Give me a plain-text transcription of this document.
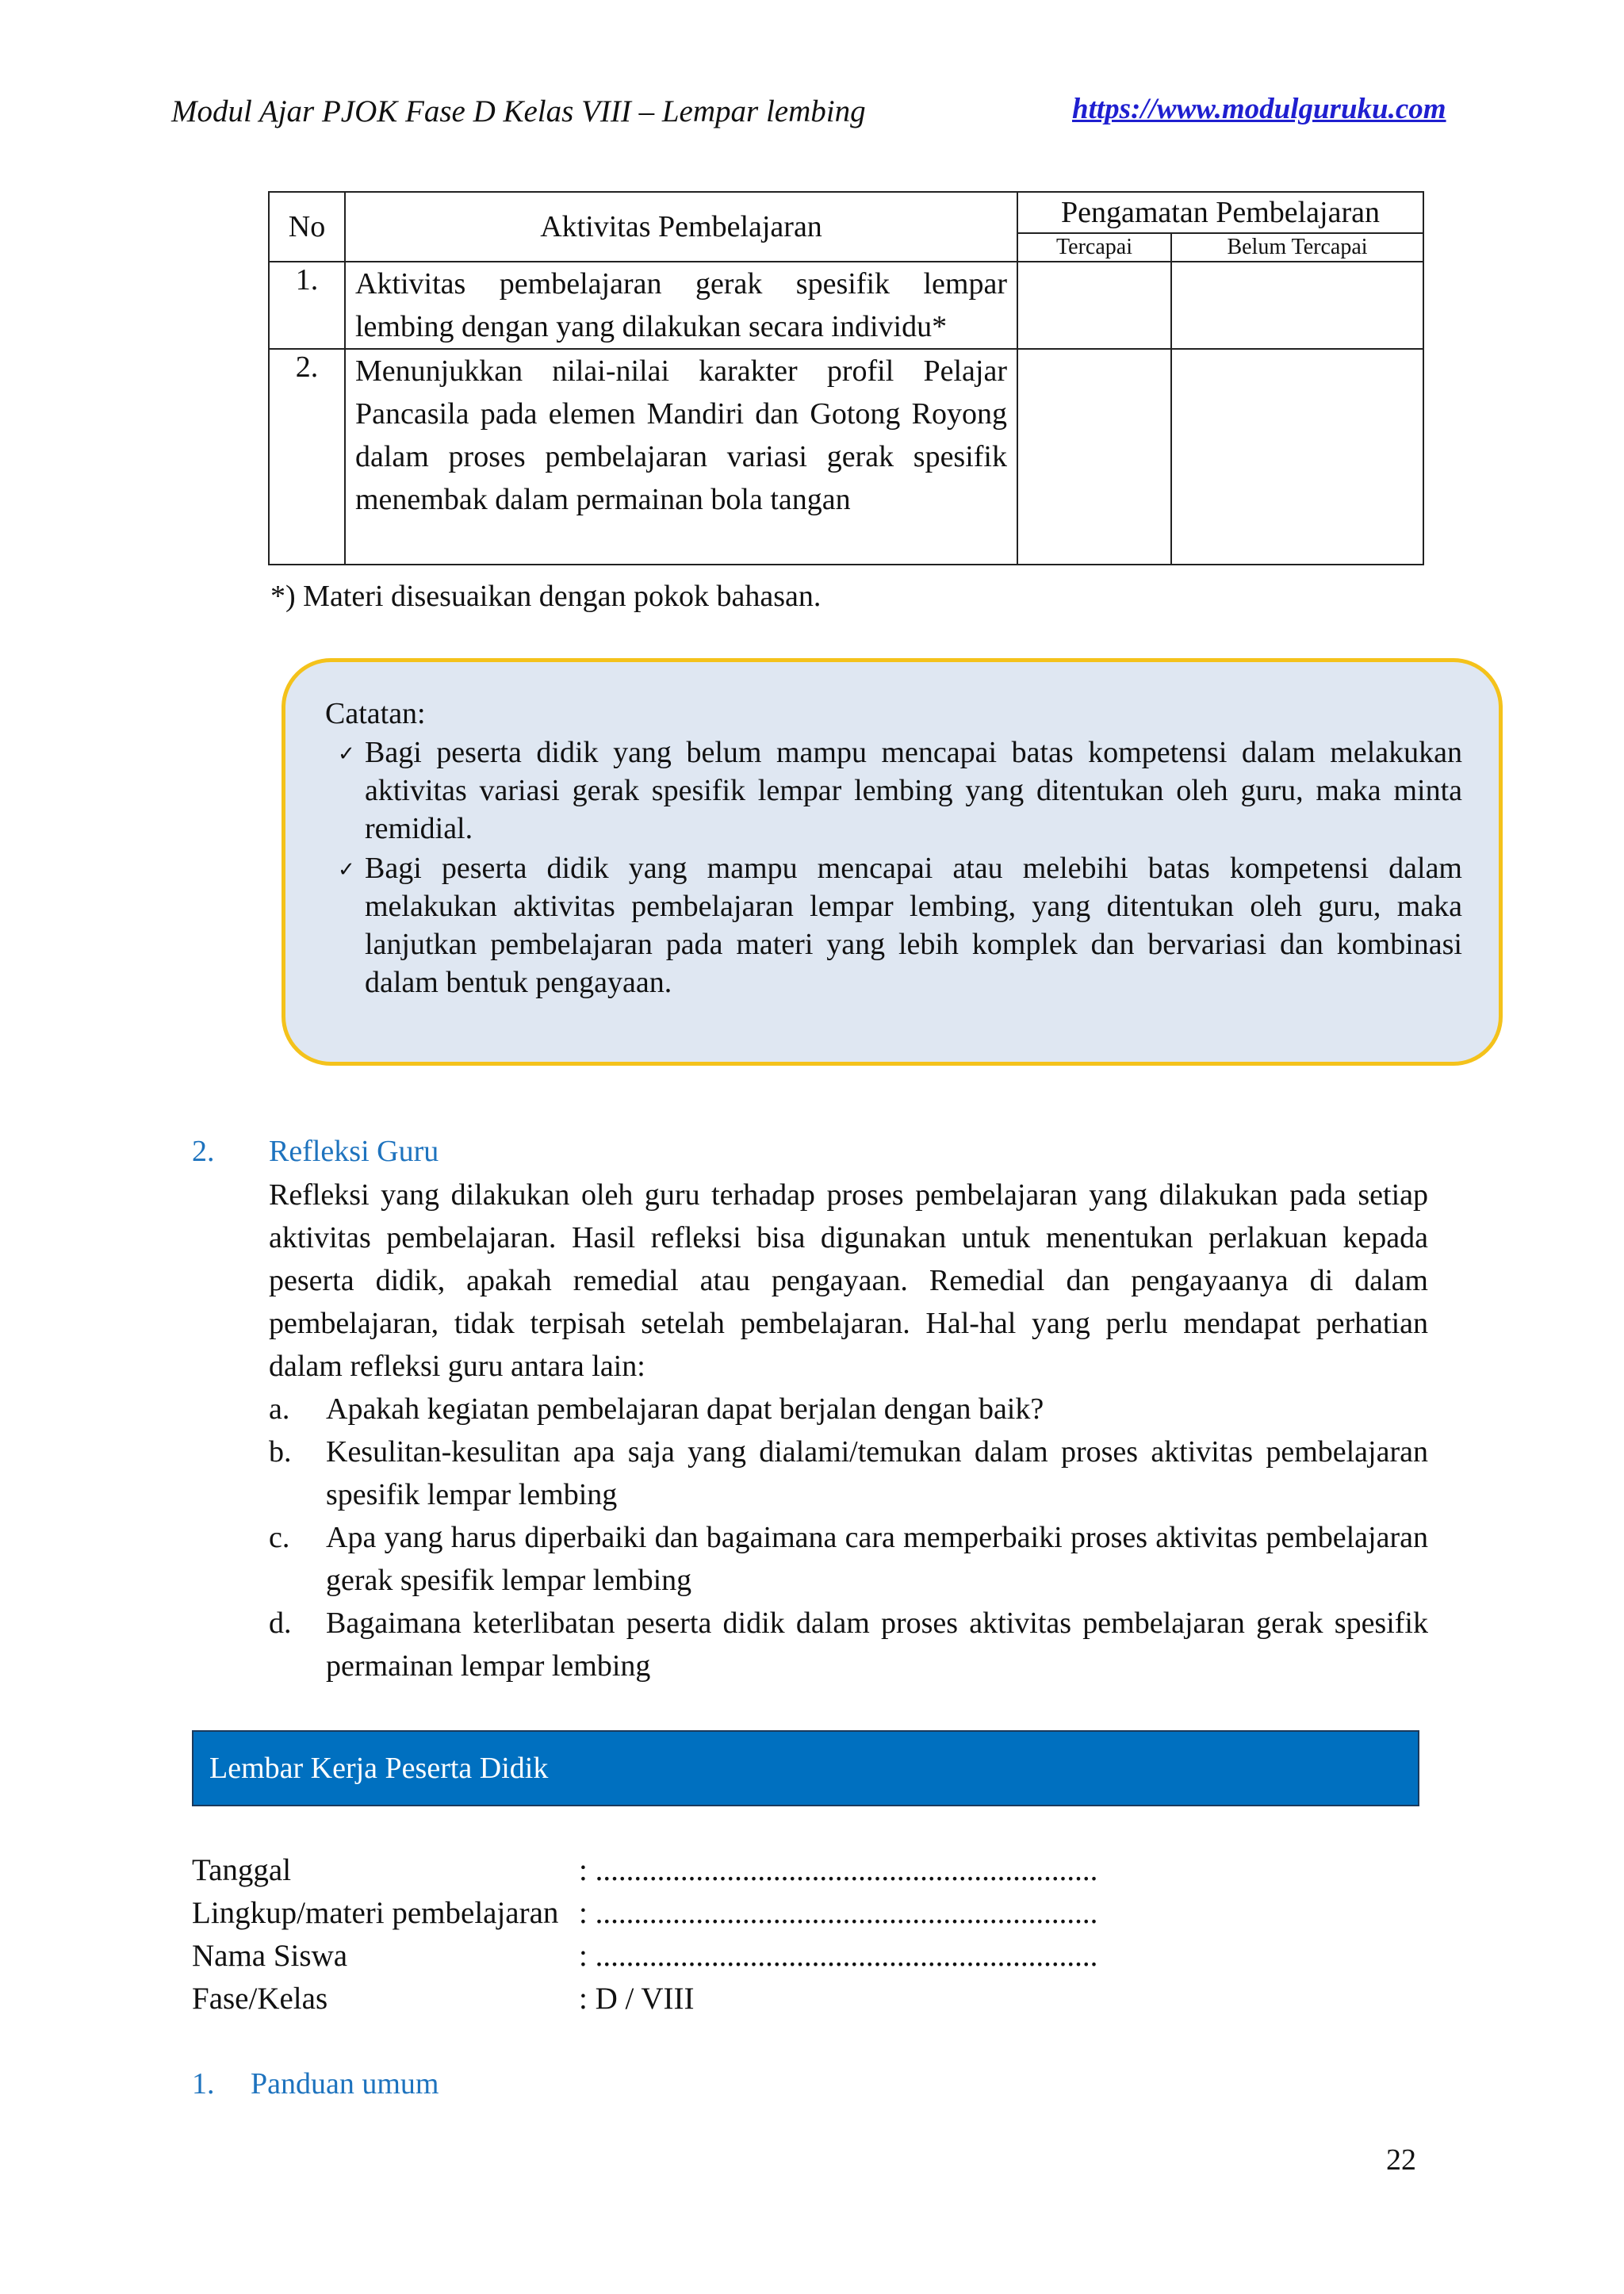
Modul Ajar PJOK Fase D Kelas VIII – Lempar lembing	https://www.modulguruku.com
No	Aktivitas Pembelajaran	Pengamatan Pembelajaran	
		Tercapai	Belum Tercapai
1.	Aktivitas pembelajaran gerak spesifik lempar lembing dengan yang dilakukan secara individu*		
2.	Menunjukkan nilai-nilai karakter profil Pelajar Pancasila pada elemen Mandiri dan Gotong Royong dalam proses pembelajaran variasi gerak spesifik menembak dalam permainan bola tangan		
*) Materi disesuaikan dengan pokok bahasan.
Catatan:
✓ Bagi peserta didik yang belum mampu mencapai batas kompetensi dalam melakukan aktivitas variasi gerak spesifik lempar lembing yang ditentukan oleh guru, maka minta remidial.
✓ Bagi peserta didik yang mampu mencapai atau melebihi batas kompetensi dalam melakukan aktivitas pembelajaran lempar lembing, yang ditentukan oleh guru, maka lanjutkan pembelajaran pada materi yang lebih komplek dan bervariasi dan kombinasi dalam bentuk pengayaan.
2. Refleksi Guru
Refleksi yang dilakukan oleh guru terhadap proses pembelajaran yang dilakukan pada setiap aktivitas pembelajaran. Hasil refleksi bisa digunakan untuk menentukan perlakuan kepada peserta didik, apakah remedial atau pengayaan. Remedial dan pengayaanya di dalam pembelajaran, tidak terpisah setelah pembelajaran. Hal-hal yang perlu mendapat perhatian dalam refleksi guru antara lain:
a. Apakah kegiatan pembelajaran dapat berjalan dengan baik?
b. Kesulitan-kesulitan apa saja yang dialami/temukan dalam proses aktivitas pembelajaran spesifik lempar lembing
c. Apa yang harus diperbaiki dan bagaimana cara memperbaiki proses aktivitas pembelajaran gerak spesifik lempar lembing
d. Bagaimana keterlibatan peserta didik dalam proses aktivitas pembelajaran gerak spesifik permainan lempar lembing
Lembar Kerja Peserta Didik
Tanggal	: .................................................................
Lingkup/materi pembelajaran : .................................................................
Nama Siswa	: .................................................................
Fase/Kelas	: D / VIII
1. Panduan umum
22
